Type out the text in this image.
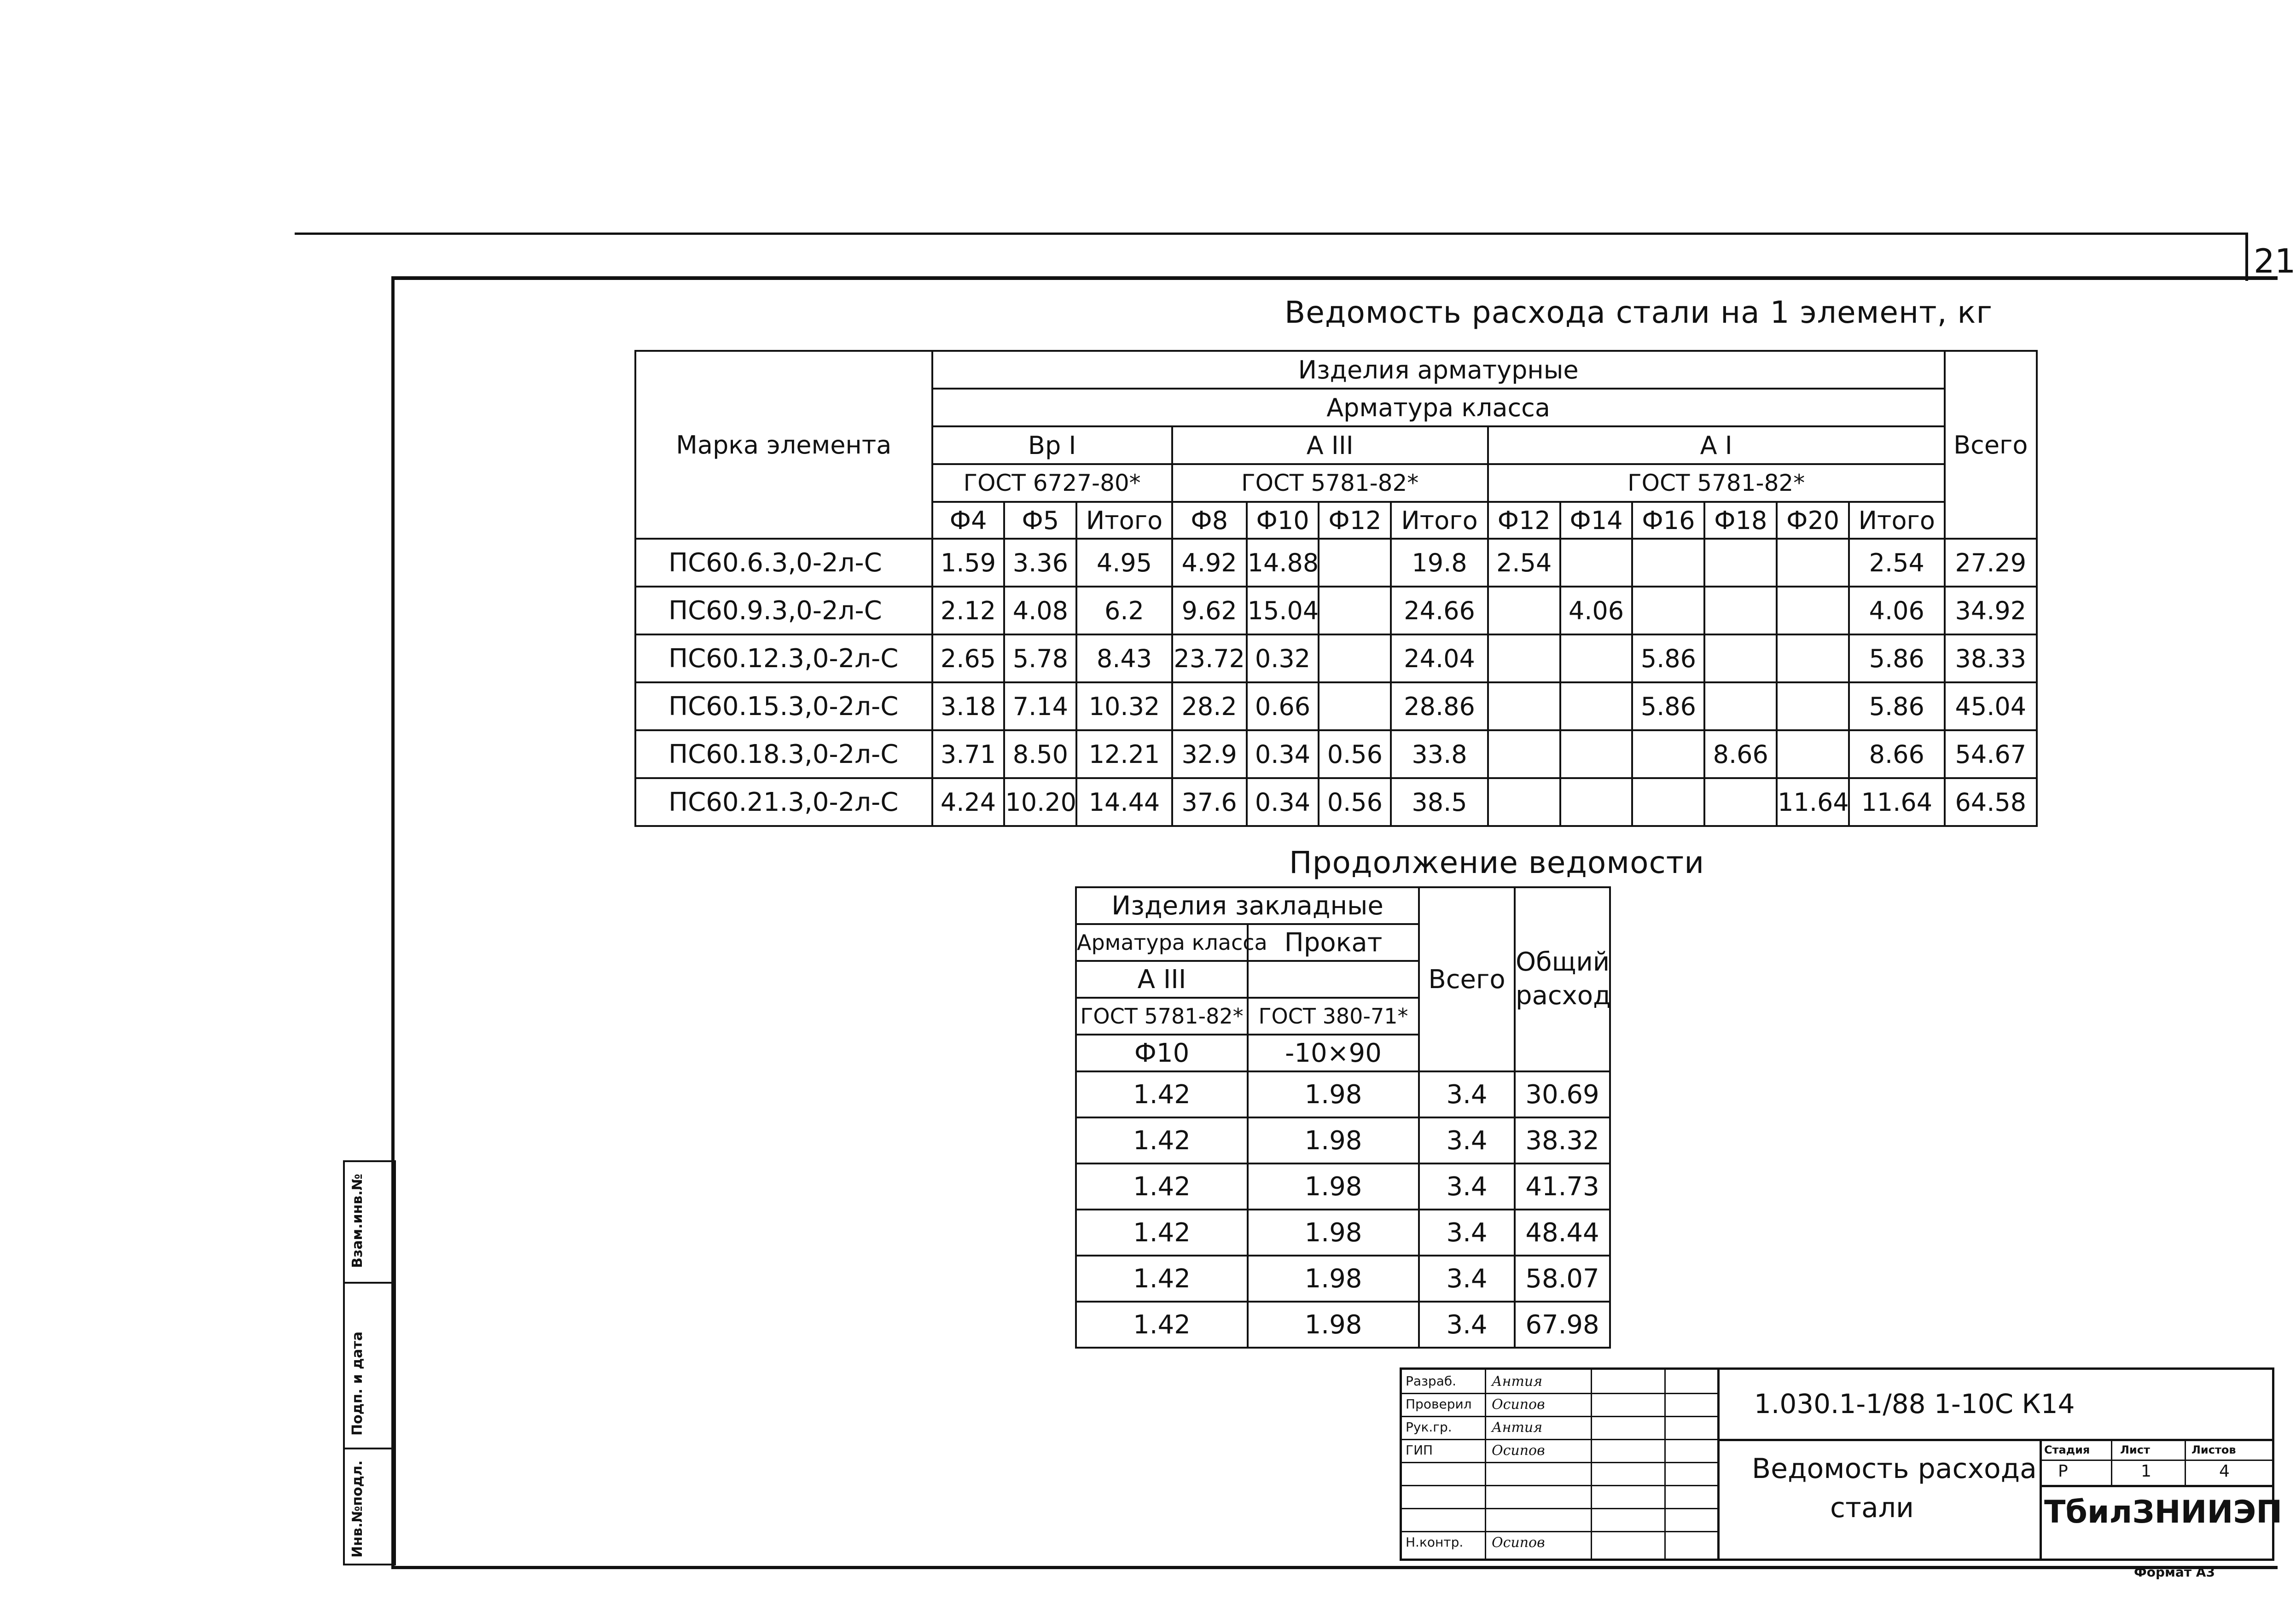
21
Ведомость расхода стали на 1 элемент, кг
Марка элемента	Изделия арматурные													Всего
	Арматура класса													
	Вр I			А III				А I						
	ГОСТ 6727-80*			ГОСТ 5781-82*				ГОСТ 5781-82*						
	Ф4	Ф5	Итого	Ф8	Ф10	Ф12	Итого	Ф12	Ф14	Ф16	Ф18	Ф20	Итого	
ПС60.6.3,0-2л-С	1.59	3.36	4.95	4.92	14.88		19.8	2.54					2.54	27.29
ПС60.9.3,0-2л-С	2.12	4.08	6.2	9.62	15.04		24.66		4.06				4.06	34.92
ПС60.12.3,0-2л-С	2.65	5.78	8.43	23.72	0.32		24.04			5.86			5.86	38.33
ПС60.15.3,0-2л-С	3.18	7.14	10.32	28.2	0.66		28.86			5.86			5.86	45.04
ПС60.18.3,0-2л-С	3.71	8.50	12.21	32.9	0.34	0.56	33.8				8.66		8.66	54.67
ПС60.21.3,0-2л-С	4.24	10.20	14.44	37.6	0.34	0.56	38.5					11.64	11.64	64.58
Продолжение ведомости
Изделия закладные		Всего	Общий расход
Арматура класса	Прокат		
А III			
ГОСТ 5781-82*	ГОСТ 380-71*		
Ф10	-10×90		
1.42	1.98	3.4	30.69
1.42	1.98	3.4	38.32
1.42	1.98	3.4	41.73
1.42	1.98	3.4	48.44
1.42	1.98	3.4	58.07
1.42	1.98	3.4	67.98
Взам.инв.№
Подп. и дата
Инв.№подл.
1.030.1-1/88 1-10С К14
Ведомость расхода
стали
Стадия	Лист	Листов
Р	1	4
ТбилЗНИИЭП
Разраб.	Антия
Проверил Осипов
Рук.гр.	Антия
ГИП	Осипов
Н.контр. Осипов
Формат А3
